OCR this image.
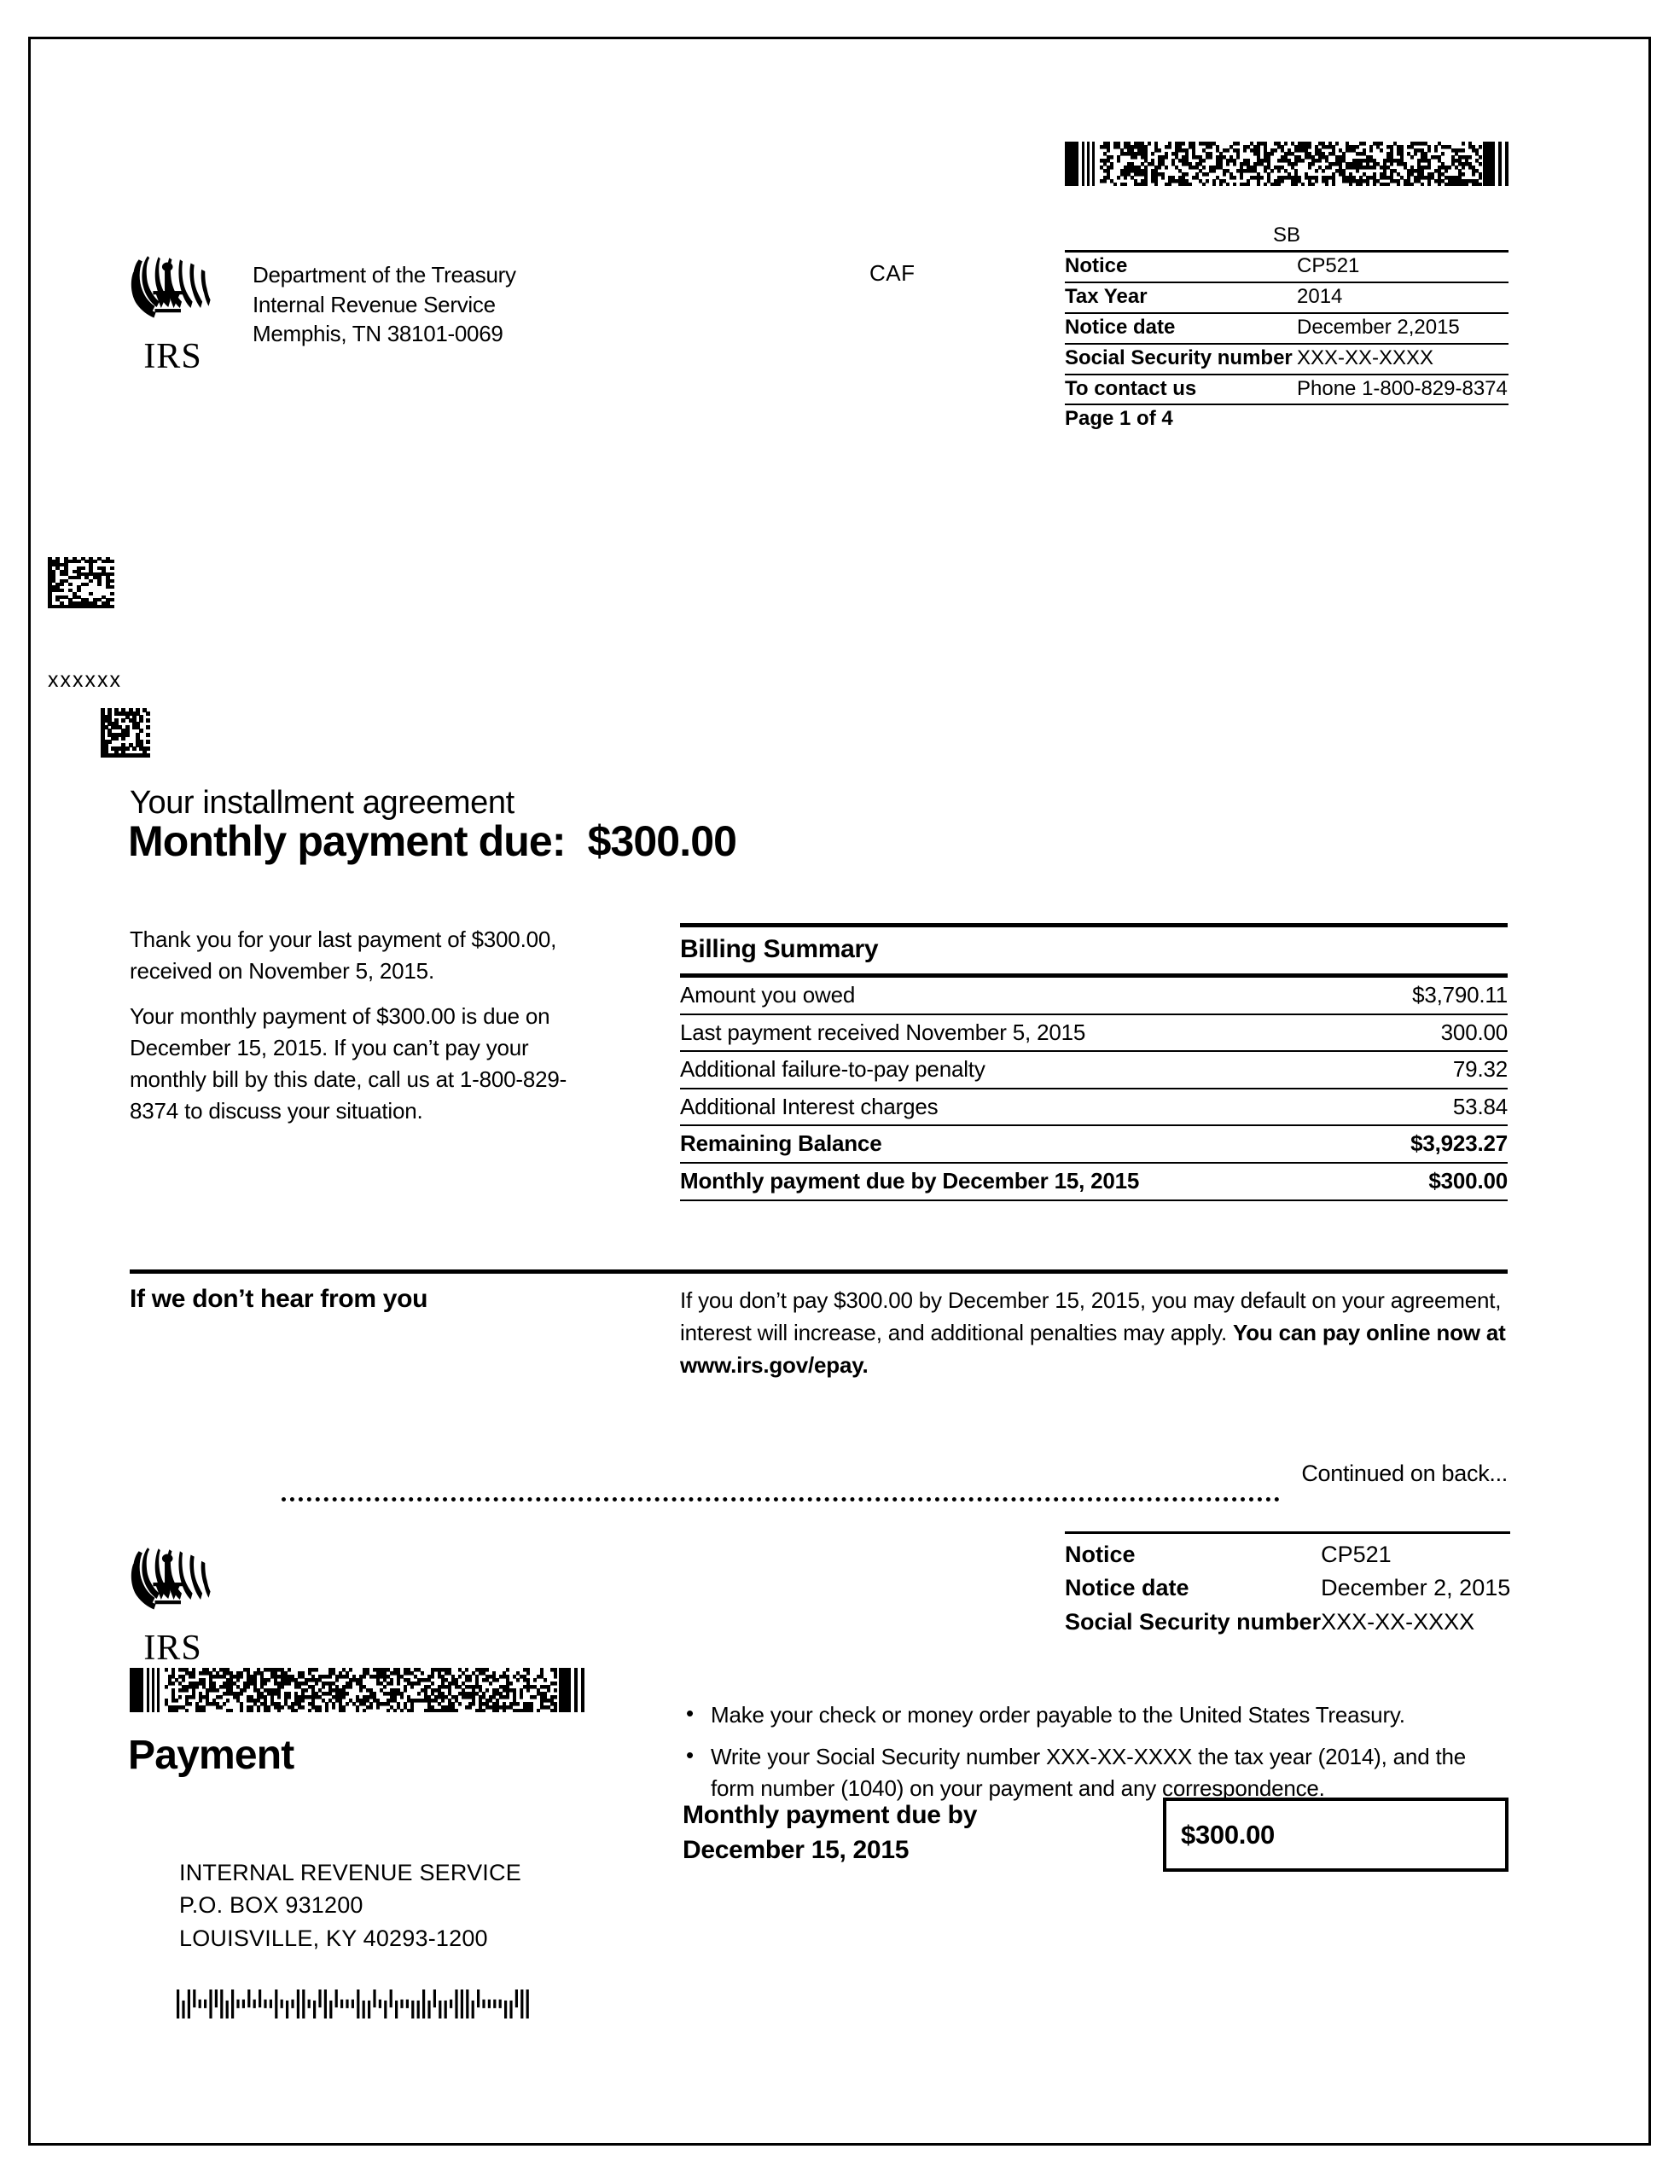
IRS
Department of the Treasury
Internal Revenue Service
Memphis, TN 38101-0069
CAF
SB
Notice	CP521
Tax Year	2014
Notice date	December 2,2015
Social Security number	XXX-XX-XXXX
To contact us	Phone 1-800-829-8374
Page 1 of 4	
xxxxxx
Your installment agreement
Monthly payment due: $300.00

Thank you for your last payment of $300.00, received on November 5, 2015.

Your monthly payment of $300.00 is due on December 15, 2015. If you can’t pay your monthly bill by this date, call us at 1-800-829-8374 to discuss your situation.

Billing Summary
Amount you owed	$3,790.11
Last payment received November 5, 2015	300.00
Additional failure-to-pay penalty	79.32
Additional Interest charges	53.84
Remaining Balance	$3,923.27
Monthly payment due by December 15, 2015	$300.00
If we don’t hear from you	If you don’t pay $300.00 by December 15, 2015, you may default on your agreement, interest will increase, and additional penalties may apply. You can pay online now at www.irs.gov/epay.
Continued on back...
IRS
Notice	CP521
Notice date	December 2, 2015
Social Security number	XXX-XX-XXXX
Payment
• Make your check or money order payable to the United States Treasury.
• Write your Social Security number XXX-XX-XXXX the tax year (2014), and the form number (1040) on your payment and any correspondence.
Monthly payment due by
December 15, 2015
$300.00
INTERNAL REVENUE SERVICE
P.O. BOX 931200
LOUISVILLE, KY 40293-1200
